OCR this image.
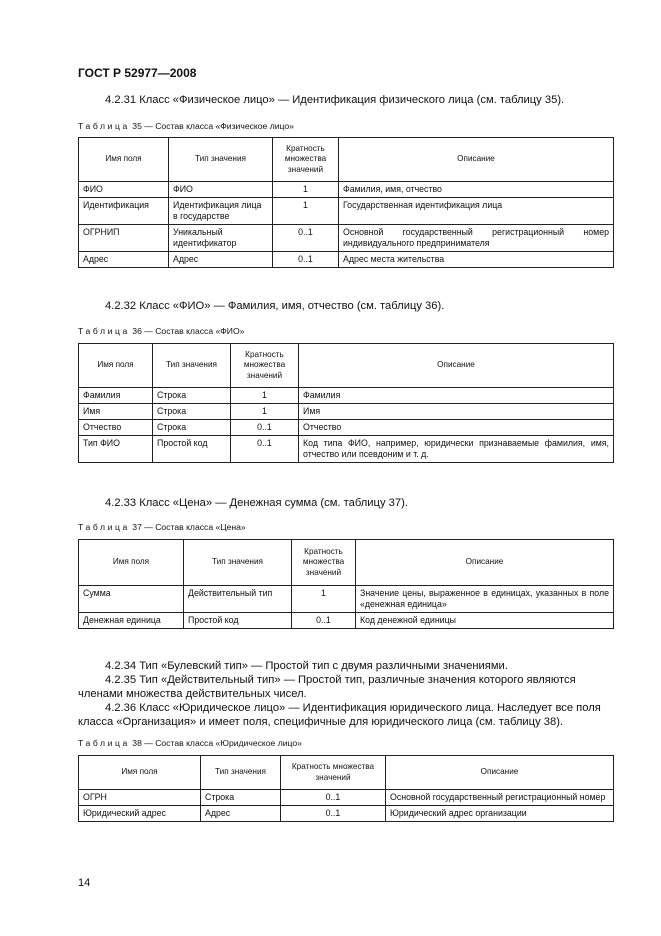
ГОСТ Р 52977—2008

4.2.31 Класс «Физическое лицо» — Идентификация физического лица (см. таблицу 35).

Таблица 35 — Состав класса «Физическое лицо»
Имя поля	Тип значения	Кратность
множества
значений	Описание
ФИО	ФИО	1	Фамилия, имя, отчество
Идентификация	Идентификация лица в государстве	1	Государственная идентификация лица
ОГРНИП	Уникальный идентификатор	0..1	Основной государственный регистрационный номер индивидуального предпринимателя
Адрес	Адрес	0..1	Адрес места жительства

4.2.32 Класс «ФИО» — Фамилия, имя, отчество (см. таблицу 36).

Таблица 36 — Состав класса «ФИО»
Имя поля	Тип значения	Кратность
множества
значений	Описание
Фамилия	Строка	1	Фамилия
Имя	Строка	1	Имя
Отчество	Строка	0..1	Отчество
Тип ФИО	Простой код	0..1	Код типа ФИО, например, юридически признаваемые фамилия, имя, отчество или псевдоним и т. д.

4.2.33 Класс «Цена» — Денежная сумма (см. таблицу 37).

Таблица 37 — Состав класса «Цена»
Имя поля	Тип значения	Кратность
множества
значений	Описание
Сумма	Действительный тип	1	Значение цены, выраженное в единицах, указанных в поле «денежная единица»
Денежная единица	Простой код	0..1	Код денежной единицы

4.2.34 Тип «Булевский тип» — Простой тип с двумя различными значениями.

4.2.35 Тип «Действительный тип» — Простой тип, различные значения которого являются членами множества действительных чисел.

4.2.36 Класс «Юридическое лицо» — Идентификация юридического лица. Наследует все поля класса «Организация» и имеет поля, специфичные для юридического лица (см. таблицу 38).

Таблица 38 — Состав класса «Юридическое лицо»
Имя поля	Тип значения	Кратность множества
значений	Описание
ОГРН	Строка	0..1	Основной государственный регистрационный номер
Юридический адрес	Адрес	0..1	Юридический адрес организации
14
